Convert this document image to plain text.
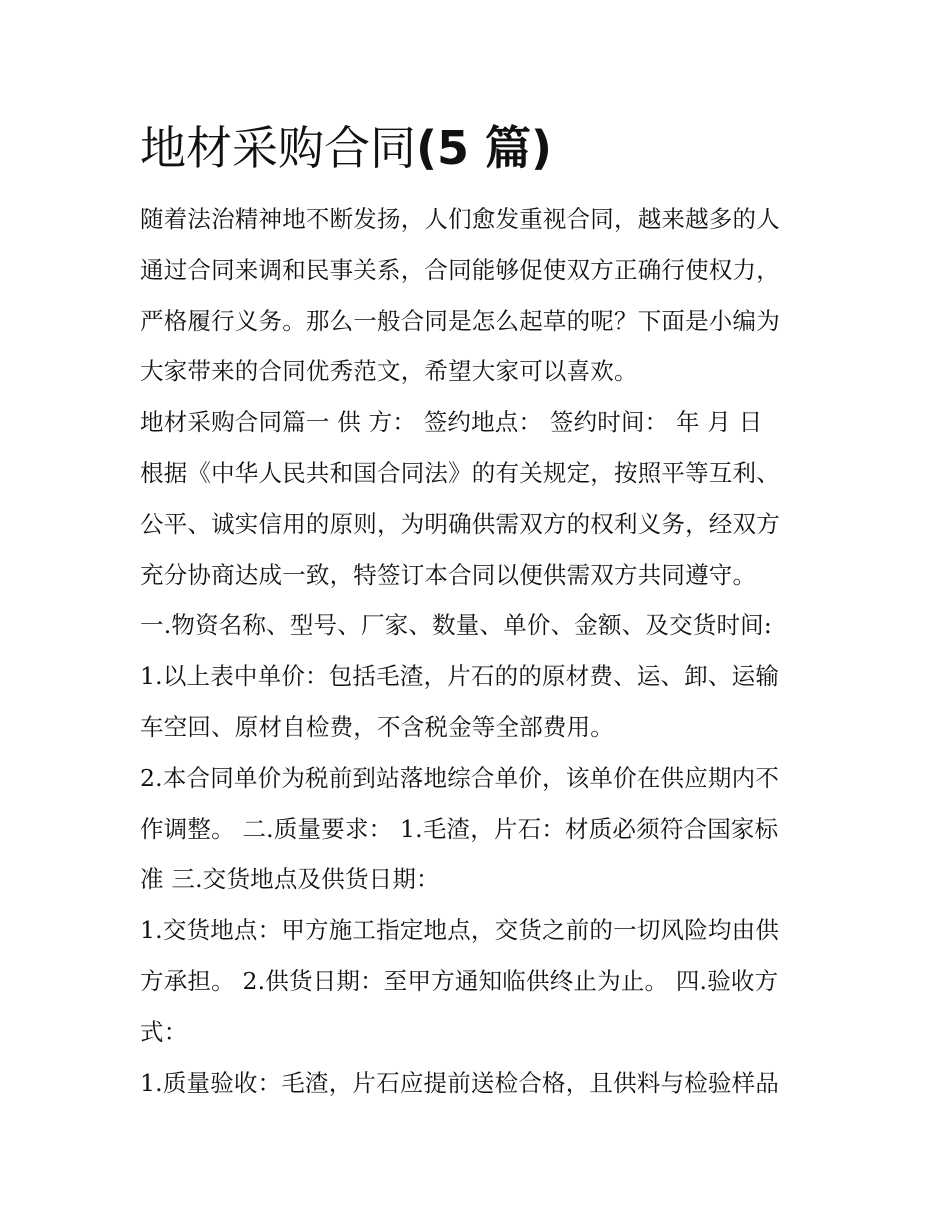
地材采购合同(5 篇)
随着法治精神地不断发扬，人们愈发重视合同，越来越多的人
通过合同来调和民事关系，合同能够促使双方正确行使权力，
严格履行义务。那么一般合同是怎么起草的呢？下面是小编为
大家带来的合同优秀范文，希望大家可以喜欢。
地材采购合同篇一 供 方： 签约地点： 签约时间： 年 月 日
根据《中华人民共和国合同法》的有关规定，按照平等互利、
公平、诚实信用的原则，为明确供需双方的权利义务，经双方
充分协商达成一致，特签订本合同以便供需双方共同遵守。
一.物资名称、型号、厂家、数量、单价、金额、及交货时间:
1.以上表中单价：包括毛渣，片石的的原材费、运、卸、运输
车空回、原材自检费，不含税金等全部费用。
2.本合同单价为税前到站落地综合单价，该单价在供应期内不
作调整。 二.质量要求： 1.毛渣，片石：材质必须符合国家标
准 三.交货地点及供货日期：
1.交货地点：甲方施工指定地点，交货之前的一切风险均由供
方承担。 2.供货日期：至甲方通知临供终止为止。 四.验收方
式：
1.质量验收：毛渣，片石应提前送检合格，且供料与检验样品
